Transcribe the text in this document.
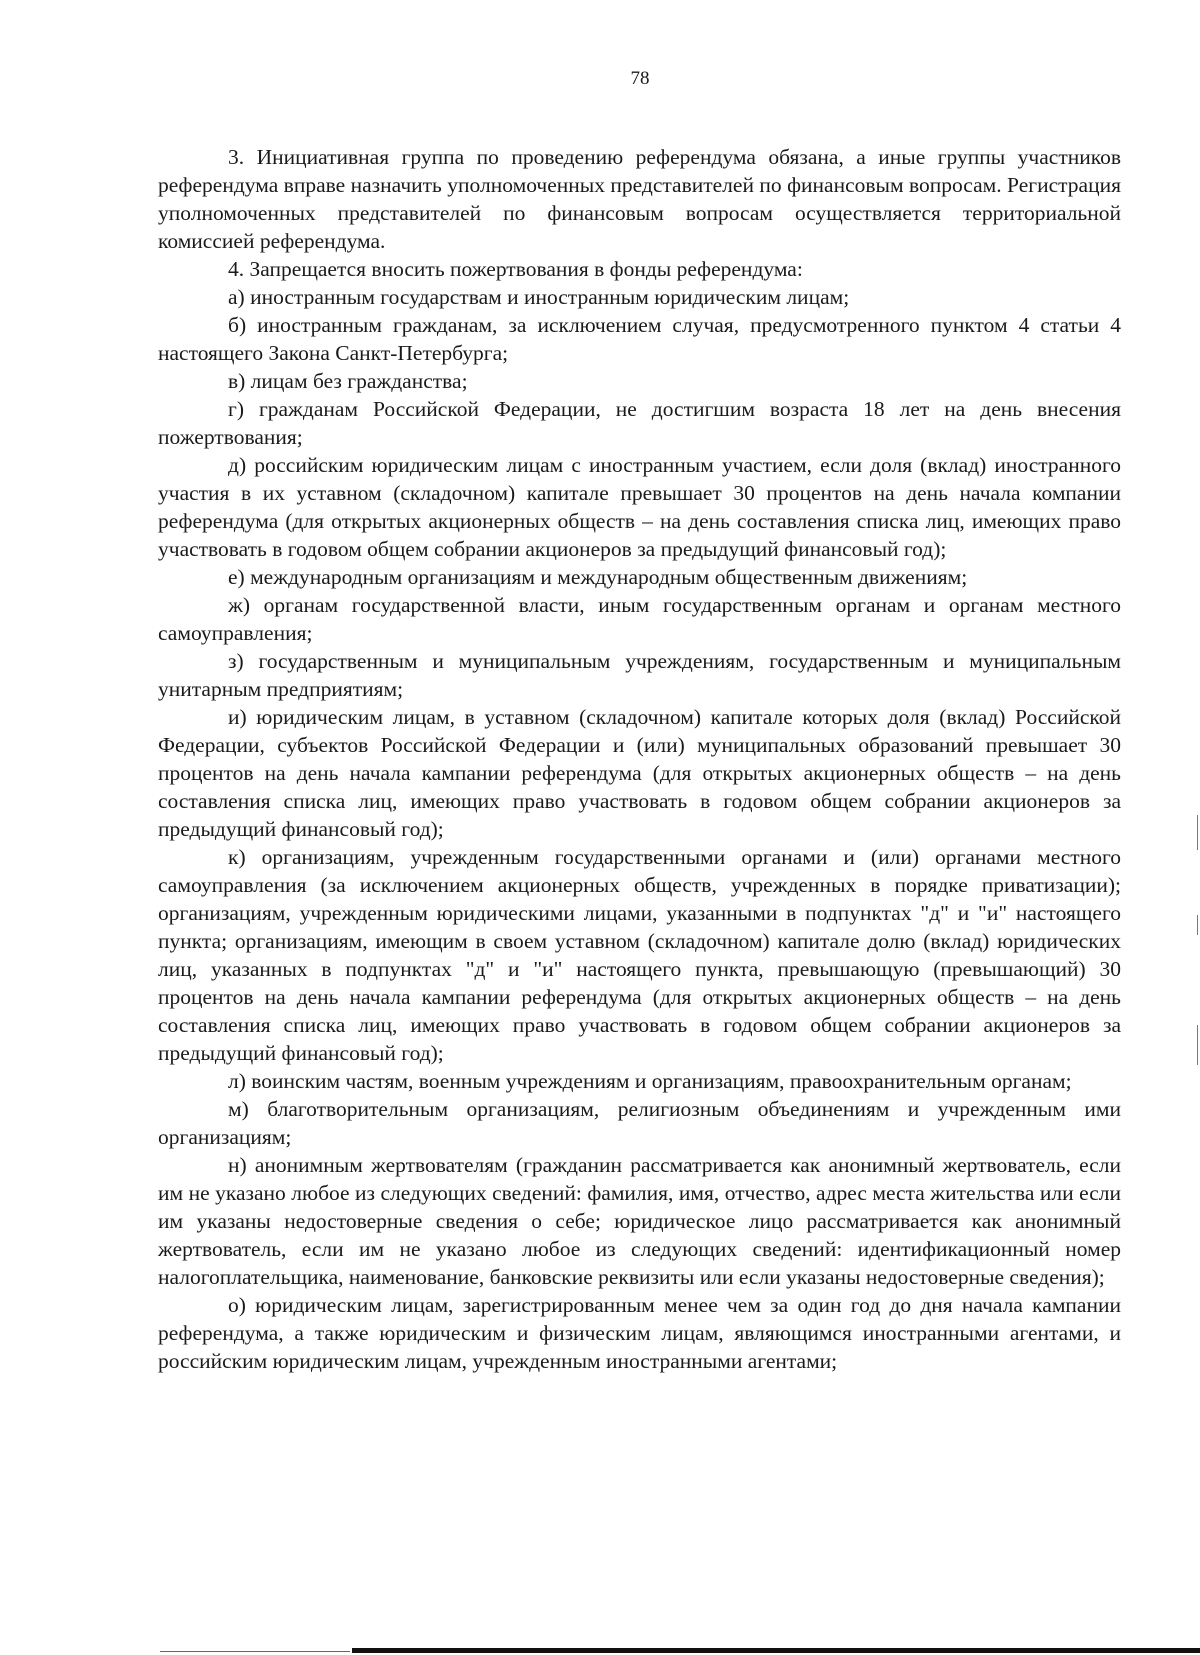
78

3. Инициативная группа по проведению референдума обязана, а иные группы участников референдума вправе назначить уполномоченных представителей по финансовым вопросам. Регистрация уполномоченных представителей по финансовым вопросам осуществляется территориальной комиссией референдума.

4. Запрещается вносить пожертвования в фонды референдума:

а) иностранным государствам и иностранным юридическим лицам;

б) иностранным гражданам, за исключением случая, предусмотренного пунктом 4 статьи 4 настоящего Закона Санкт-Петербурга;

в) лицам без гражданства;

г) гражданам Российской Федерации, не достигшим возраста 18 лет на день внесения пожертвования;

д) российским юридическим лицам с иностранным участием, если доля (вклад) иностранного участия в их уставном (складочном) капитале превышает 30 процентов на день начала компании референдума (для открытых акционерных обществ – на день составления списка лиц, имеющих право участвовать в годовом общем собрании акционеров за предыдущий финансовый год);

е) международным организациям и международным общественным движениям;

ж) органам государственной власти, иным государственным органам и органам местного самоуправления;

з) государственным и муниципальным учреждениям, государственным и муниципальным унитарным предприятиям;

и) юридическим лицам, в уставном (складочном) капитале которых доля (вклад) Российской Федерации, субъектов Российской Федерации и (или) муниципальных образований превышает 30 процентов на день начала кампании референдума (для открытых акционерных обществ – на день составления списка лиц, имеющих право участвовать в годовом общем собрании акционеров за предыдущий финансовый год);

к) организациям, учрежденным государственными органами и (или) органами местного самоуправления (за исключением акционерных обществ, учрежденных в порядке приватизации); организациям, учрежденным юридическими лицами, указанными в подпунктах "д" и "и" настоящего пункта; организациям, имеющим в своем уставном (складочном) капитале долю (вклад) юридических лиц, указанных в подпунктах "д" и "и" настоящего пункта, превышающую (превышающий) 30 процентов на день начала кампании референдума (для открытых акционерных обществ – на день составления списка лиц, имеющих право участвовать в годовом общем собрании акционеров за предыдущий финансовый год);

л) воинским частям, военным учреждениям и организациям, правоохранительным органам;

м) благотворительным организациям, религиозным объединениям и учрежденным ими организациям;

н) анонимным жертвователям (гражданин рассматривается как анонимный жертвователь, если им не указано любое из следующих сведений: фамилия, имя, отчество, адрес места жительства или если им указаны недостоверные сведения о себе; юридическое лицо рассматривается как анонимный жертвователь, если им не указано любое из следующих сведений: идентификационный номер налогоплательщика, наименование, банковские реквизиты или если указаны недостоверные сведения);

о) юридическим лицам, зарегистрированным менее чем за один год до дня начала кампании референдума, а также юридическим и физическим лицам, являющимся иностранными агентами, и российским юридическим лицам, учрежденным иностранными агентами;
